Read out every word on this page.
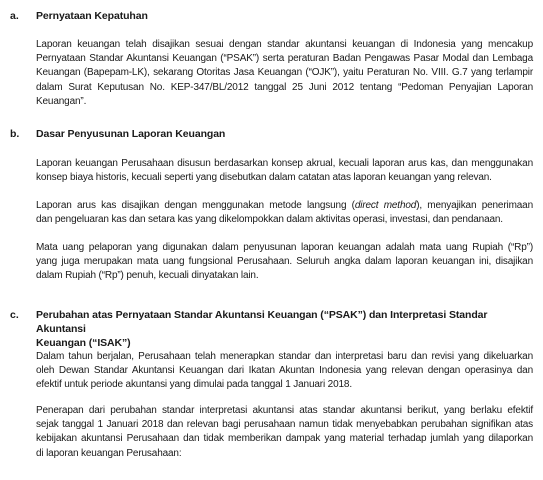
a. Pernyataan Kepatuhan
Laporan keuangan telah disajikan sesuai dengan standar akuntansi keuangan di Indonesia yang mencakup
Pernyataan Standar Akuntansi Keuangan (“PSAK”) serta peraturan Badan Pengawas Pasar Modal dan Lembaga
Keuangan (Bapepam-LK), sekarang Otoritas Jasa Keuangan (“OJK”), yaitu Peraturan No. VIII. G.7 yang terlampir
dalam Surat Keputusan No. KEP-347/BL/2012 tanggal 25 Juni 2012 tentang “Pedoman Penyajian Laporan
Keuangan”.
b. Dasar Penyusunan Laporan Keuangan
Laporan keuangan Perusahaan disusun berdasarkan konsep akrual, kecuali laporan arus kas, dan menggunakan
konsep biaya historis, kecuali seperti yang disebutkan dalam catatan atas laporan keuangan yang relevan.
Laporan arus kas disajikan dengan menggunakan metode langsung (direct method), menyajikan penerimaan
dan pengeluaran kas dan setara kas yang dikelompokkan dalam aktivitas operasi, investasi, dan pendanaan.
Mata uang pelaporan yang digunakan dalam penyusunan laporan keuangan adalah mata uang Rupiah (“Rp”)
yang juga merupakan mata uang fungsional Perusahaan. Seluruh angka dalam laporan keuangan ini, disajikan
dalam Rupiah (“Rp”) penuh, kecuali dinyatakan lain.
c. Perubahan atas Pernyataan Standar Akuntansi Keuangan (“PSAK”) dan Interpretasi Standar Akuntansi
Keuangan (“ISAK”)
Dalam tahun berjalan, Perusahaan telah menerapkan standar dan interpretasi baru dan revisi yang dikeluarkan
oleh Dewan Standar Akuntansi Keuangan dari Ikatan Akuntan Indonesia yang relevan dengan operasinya dan
efektif untuk periode akuntansi yang dimulai pada tanggal 1 Januari 2018.
Penerapan dari perubahan standar interpretasi akuntansi atas standar akuntansi berikut, yang berlaku efektif
sejak tanggal 1 Januari 2018 dan relevan bagi perusahaan namun tidak menyebabkan perubahan signifikan atas
kebijakan akuntansi Perusahaan dan tidak memberikan dampak yang material terhadap jumlah yang dilaporkan
di laporan keuangan Perusahaan:
